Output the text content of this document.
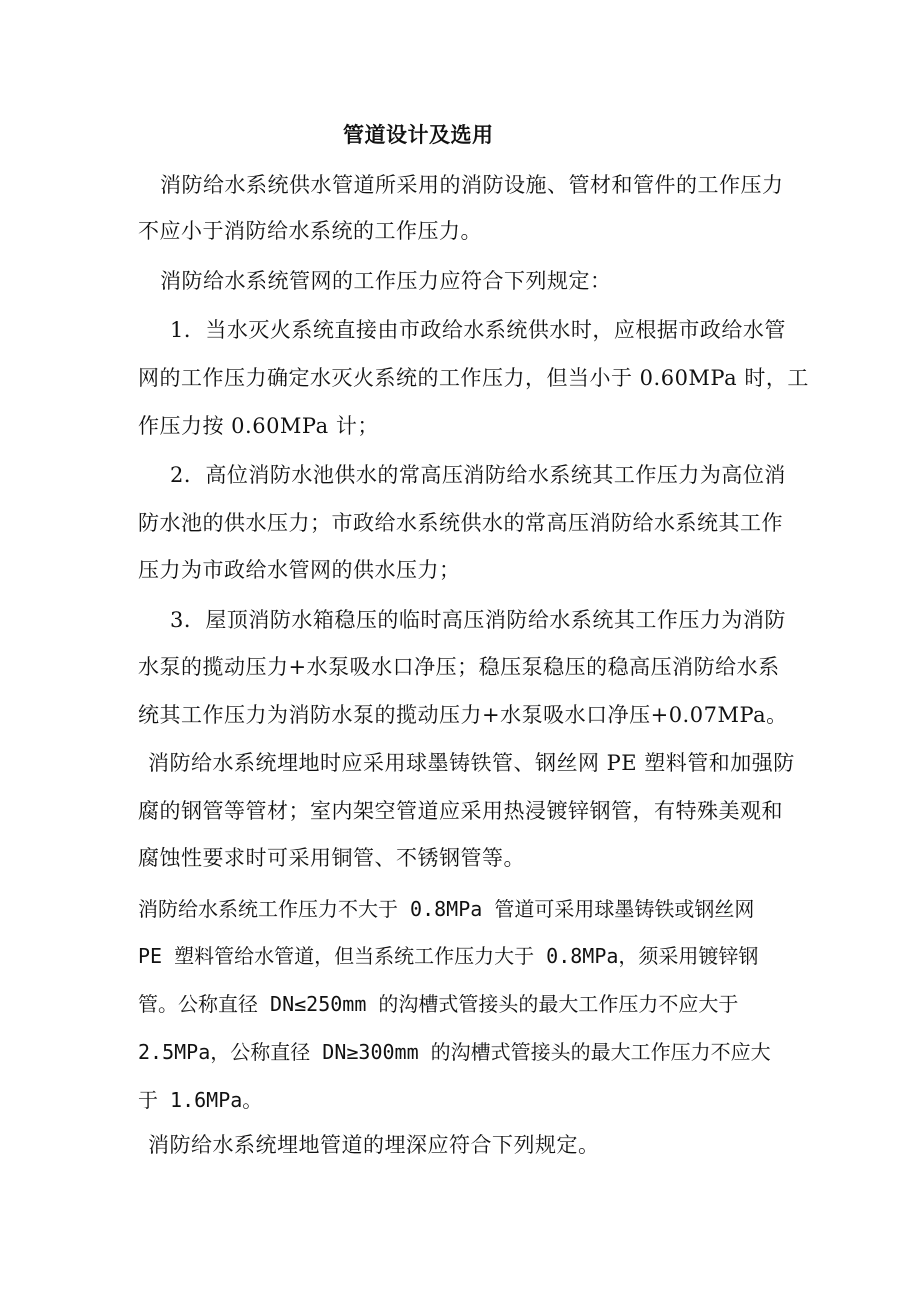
管道设计及选用
消防给水系统供水管道所采用的消防设施、管材和管件的工作压力
不应小于消防给水系统的工作压力。
消防给水系统管网的工作压力应符合下列规定：
1．当水灭火系统直接由市政给水系统供水时，应根据市政给水管
网的工作压力确定水灭火系统的工作压力，但当小于 0.60MPa 时，工
作压力按 0.60MPa 计；
2．高位消防水池供水的常高压消防给水系统其工作压力为高位消
防水池的供水压力；市政给水系统供水的常高压消防给水系统其工作
压力为市政给水管网的供水压力；
3．屋顶消防水箱稳压的临时高压消防给水系统其工作压力为消防
水泵的揽动压力+水泵吸水口净压；稳压泵稳压的稳高压消防给水系
统其工作压力为消防水泵的揽动压力+水泵吸水口净压+0.07MPa。
消防给水系统埋地时应采用球墨铸铁管、钢丝网 PE 塑料管和加强防
腐的钢管等管材；室内架空管道应采用热浸镀锌钢管，有特殊美观和
腐蚀性要求时可采用铜管、不锈钢管等。
消防给水系统工作压力不大于 0.8MPa 管道可采用球墨铸铁或钢丝网
PE 塑料管给水管道，但当系统工作压力大于 0.8MPa，须采用镀锌钢
管。公称直径 DN≤250mm 的沟槽式管接头的最大工作压力不应大于
2.5MPa，公称直径 DN≥300mm 的沟槽式管接头的最大工作压力不应大
于 1.6MPa。
消防给水系统埋地管道的埋深应符合下列规定。
